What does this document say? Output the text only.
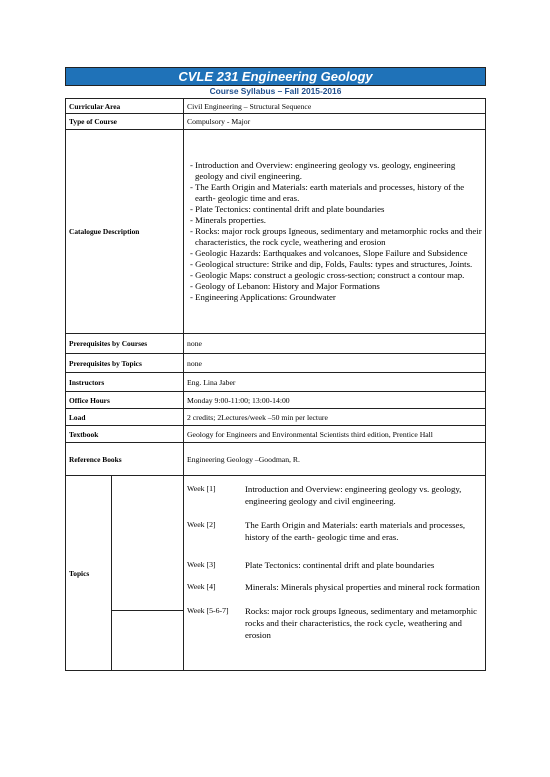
CVLE 231 Engineering Geology
Course Syllabus – Fall 2015-2016
Curricular Area	Civil Engineering – Structural Sequence
Type of Course	Compulsory - Major
Catalogue Description	
- Introduction and Overview: engineering geology vs. geology, engineering geology and civil engineering.
- The Earth Origin and Materials: earth materials and processes, history of the earth- geologic time and eras.
- Plate Tectonics: continental drift and plate boundaries
- Minerals properties.
- Rocks: major rock groups Igneous, sedimentary and metamorphic rocks and their characteristics, the rock cycle, weathering and erosion
- Geologic Hazards: Earthquakes and volcanoes, Slope Failure and Subsidence
- Geological structure: Strike and dip, Folds, Faults: types and structures, Joints.
- Geologic Maps: construct a geologic cross-section; construct a contour map.
- Geology of Lebanon: History and Major Formations
- Engineering Applications: Groundwater

Prerequisites by Courses	none
Prerequisites by Topics	none
Instructors	Eng. Lina Jaber
Office Hours	Monday 9:00-11:00; 13:00-14:00
Load	2 credits; 2Lectures/week –50 min per lecture
Textbook	Geology for Engineers and Environmental Scientists third edition, Prentice Hall
Reference Books	Engineering Geology –Goodman, R.

Topics	

Week [1]	Introduction and Overview: engineering geology vs. geology, engineering geology and civil engineering.
Week [2]	The Earth Origin and Materials: earth materials and processes, history of the earth- geologic time and eras.
Week [3]	Plate Tectonics: continental drift and plate boundaries
Week [4]	Minerals: Minerals physical properties and mineral rock formation
Week [5-6-7]	Rocks: major rock groups Igneous, sedimentary and metamorphic rocks and their characteristics, the rock cycle, weathering and erosion
